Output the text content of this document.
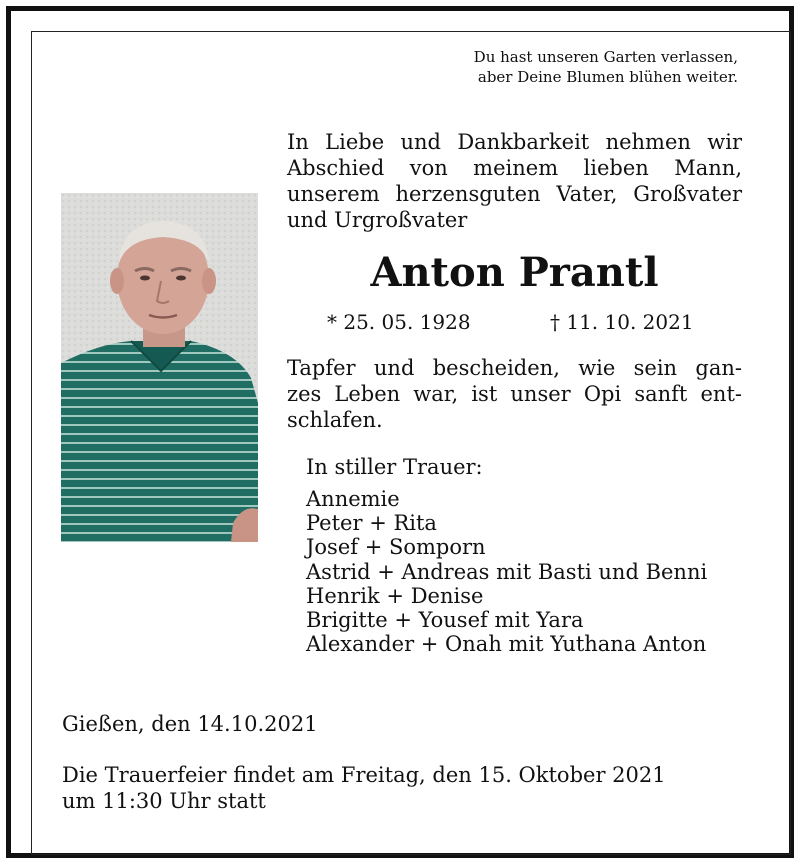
Du hast unseren Garten verlassen,
aber Deine Blumen blühen weiter.
In Liebe und Dankbarkeit nehmen wir
Abschied von meinem lieben Mann,
unserem herzensguten Vater, Großvater
und Urgroßvater
Anton Prantl
* 25. 05. 1928	† 11. 10. 2021
Tapfer und bescheiden, wie sein gan-
zes Leben war, ist unser Opi sanft ent-
schlafen.
In stiller Trauer:
Annemie
Peter + Rita
Josef + Somporn
Astrid + Andreas mit Basti und Benni
Henrik + Denise
Brigitte + Yousef mit Yara
Alexander + Onah mit Yuthana Anton
Gießen, den 14.10.2021
Die Trauerfeier findet am Freitag, den 15. Oktober 2021
um 11:30 Uhr statt
